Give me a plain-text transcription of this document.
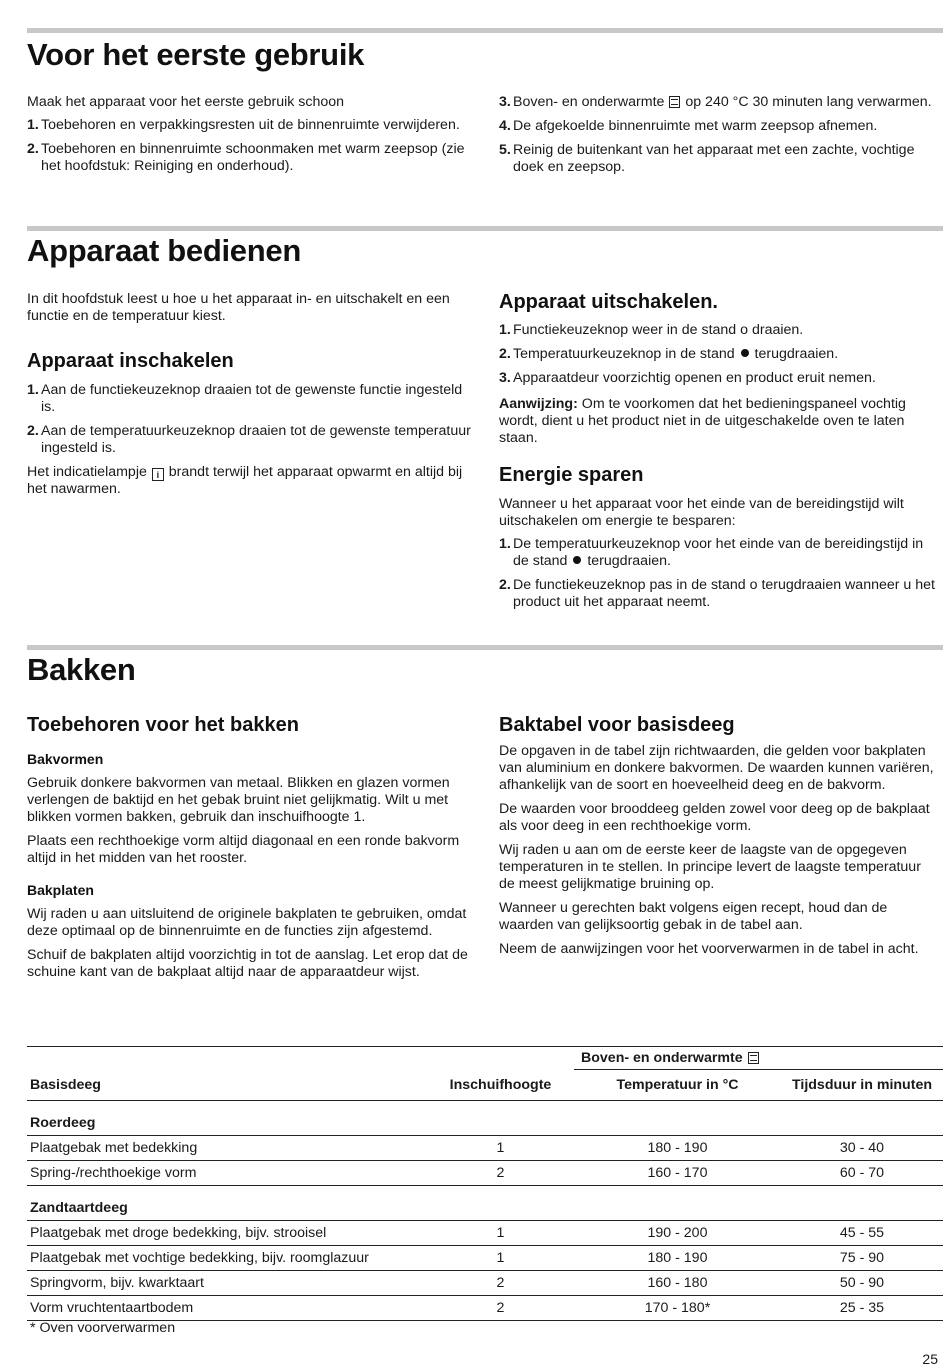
Voor het eerste gebruik

Maak het apparaat voor het eerste gebruik schoon

1. Toebehoren en verpakkingsresten uit de binnenruimte verwijderen.
2. Toebehoren en binnenruimte schoonmaken met warm zeepsop (zie het hoofdstuk: Reiniging en onderhoud).
3. Boven- en onderwarmte op 240 °C 30 minuten lang verwarmen.
4. De afgekoelde binnenruimte met warm zeepsop afnemen.
5. Reinig de buitenkant van het apparaat met een zachte, vochtige doek en zeepsop.
Apparaat bedienen

In dit hoofdstuk leest u hoe u het apparaat in- en uitschakelt en een functie en de temperatuur kiest.

Apparaat inschakelen
1. Aan de functiekeuzeknop draaien tot de gewenste functie ingesteld is.
2. Aan de temperatuurkeuzeknop draaien tot de gewenste temperatuur ingesteld is.

Het indicatielampje i brandt terwijl het apparaat opwarmt en altijd bij het nawarmen.

Apparaat uitschakelen.
1. Functiekeuzeknop weer in de stand o draaien.
2. Temperatuurkeuzeknop in de stand terugdraaien.
3. Apparaatdeur voorzichtig openen en product eruit nemen.

Aanwijzing: Om te voorkomen dat het bedieningspaneel vochtig wordt, dient u het product niet in de uitgeschakelde oven te laten staan.

Energie sparen

Wanneer u het apparaat voor het einde van de bereidingstijd wilt uitschakelen om energie te besparen:

1. De temperatuurkeuzeknop voor het einde van de bereidingstijd in de stand terugdraaien.
2. De functiekeuzeknop pas in de stand o terugdraaien wanneer u het product uit het apparaat neemt.
Bakken
Toebehoren voor het bakken
Bakvormen

Gebruik donkere bakvormen van metaal. Blikken en glazen vormen verlengen de baktijd en het gebak bruint niet gelijkmatig. Wilt u met blikken vormen bakken, gebruik dan inschuifhoogte 1.

Plaats een rechthoekige vorm altijd diagonaal en een ronde bakvorm altijd in het midden van het rooster.

Bakplaten

Wij raden u aan uitsluitend de originele bakplaten te gebruiken, omdat deze optimaal op de binnenruimte en de functies zijn afgestemd.

Schuif de bakplaten altijd voorzichtig in tot de aanslag. Let erop dat de schuine kant van de bakplaat altijd naar de apparaatdeur wijst.

Baktabel voor basisdeeg

De opgaven in de tabel zijn richtwaarden, die gelden voor bakplaten van aluminium en donkere bakvormen. De waarden kunnen variëren, afhankelijk van de soort en hoeveelheid deeg en de bakvorm.

De waarden voor brooddeeg gelden zowel voor deeg op de bakplaat als voor deeg in een rechthoekige vorm.

Wij raden u aan om de eerste keer de laagste van de opgegeven temperaturen in te stellen. In principe levert de laagste temperatuur de meest gelijkmatige bruining op.

Wanneer u gerechten bakt volgens eigen recept, houd dan de waarden van gelijksoortig gebak in de tabel aan.

Neem de aanwijzingen voor het voorverwarmen in de tabel in acht.

		Boven- en onderwarmte	
Basisdeeg	Inschuifhoogte	Temperatuur in °C	Tijdsduur in minuten

Roerdeeg			
Plaatgebak met bedekking	1	180 - 190	30 - 40
Spring-/rechthoekige vorm	2	160 - 170	60 - 70

Zandtaartdeeg			
Plaatgebak met droge bedekking, bijv. strooisel	1	190 - 200	45 - 55
Plaatgebak met vochtige bedekking, bijv. roomglazuur	1	180 - 190	75 - 90
Springvorm, bijv. kwarktaart	2	160 - 180	50 - 90
Vorm vruchtentaartbodem	2	170 - 180*	25 - 35
* Oven voorverwarmen
25
